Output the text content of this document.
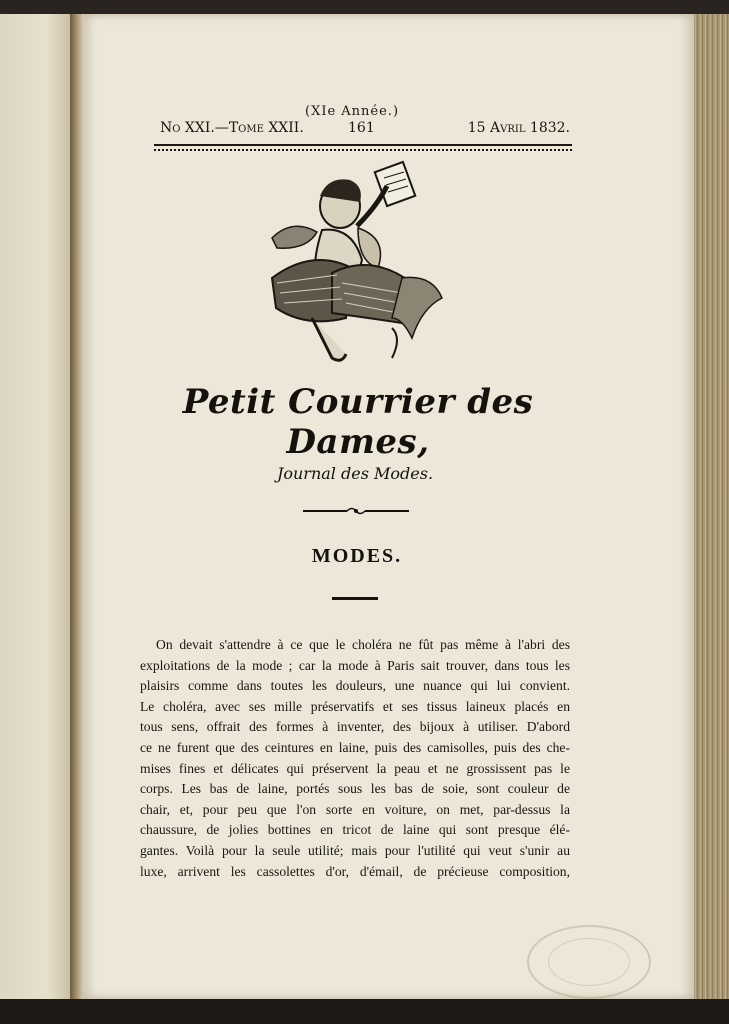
(XIe Année.)
No XXI.—Tome XXII.	161	15 Avril 1832.
Petit Courrier des Dames,
Journal des Modes.
MODES.
On devait s'attendre à ce que le choléra ne fût pas même à l'abri des
exploitations de la mode ; car la mode à Paris sait trouver, dans tous les
plaisirs comme dans toutes les douleurs, une nuance qui lui convient.
Le choléra, avec ses mille préservatifs et ses tissus laineux placés en
tous sens, offrait des formes à inventer, des bijoux à utiliser. D'abord
ce ne furent que des ceintures en laine, puis des camisolles, puis des che-
mises fines et délicates qui préservent la peau et ne grossissent pas le
corps. Les bas de laine, portés sous les bas de soie, sont couleur de
chair, et, pour peu que l'on sorte en voiture, on met, par-dessus la
chaussure, de jolies bottines en tricot de laine qui sont presque élé-
gantes. Voilà pour la seule utilité; mais pour l'utilité qui veut s'unir au
luxe, arrivent les cassolettes d'or, d'émail, de précieuse composition,
